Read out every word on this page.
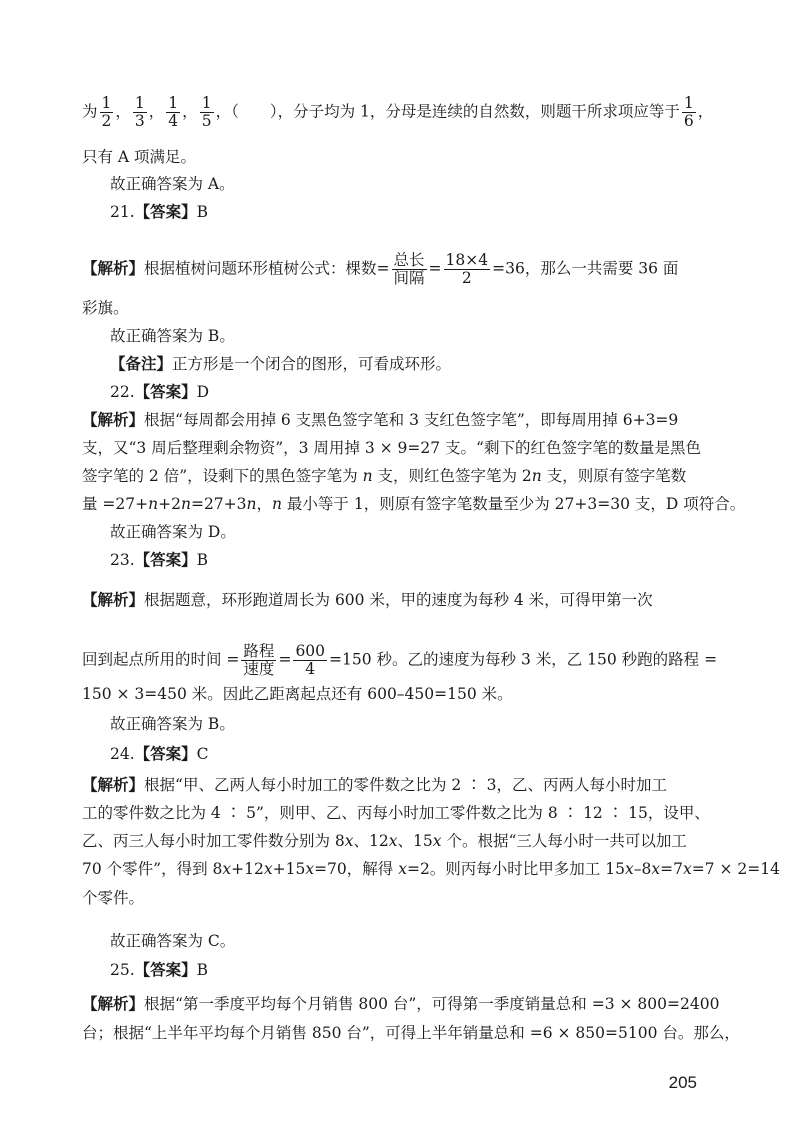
为 $\frac{1}{2}$ ， $\frac{1}{3}$ ， $\frac{1}{4}$ ， $\frac{1}{5}$ ，（　　），分子均为 1，分母是连续的自然数，则题干所求项应等于 $\frac{1}{6}$ ，
只有 A 项满足。
故正确答案为 A。
21.【答案】B
【解析】根据植树问题环形植树公式：棵数= $\frac{\text{总长}}{\text{间隔}} = \frac{18\times 4}{2} =36$，那么一共需要 36 面
彩旗。
故正确答案为 B。
【备注】正方形是一个闭合的图形，可看成环形。
22.【答案】D
【解析】根据“每周都会用掉 6 支黑色签字笔和 3 支红色签字笔”，即每周用掉 6+3=9
支，又“3 周后整理剩余物资”，3 周用掉 3 × 9=27 支。“剩下的红色签字笔的数量是黑色
签字笔的 2 倍”，设剩下的黑色签字笔为 n 支，则红色签字笔为 2n 支，则原有签字笔数
量 =27+n+2n=27+3n，n 最小等于 1，则原有签字笔数量至少为 27+3=30 支，D 项符合。
故正确答案为 D。
23.【答案】B
【解析】根据题意，环形跑道周长为 600 米，甲的速度为每秒 4 米，可得甲第一次
回到起点所用的时间 = $\frac{\text{路程}}{\text{速度}} = \frac{600}{4} =150$ 秒。乙的速度为每秒 3 米，乙 150 秒跑的路程 =
150 × 3=450 米。因此乙距离起点还有 600–450=150 米。
故正确答案为 B。
24.【答案】C
【解析】根据“甲、乙两人每小时加工的零件数之比为 2 ∶ 3，乙、丙两人每小时加工
工的零件数之比为 4 ∶ 5”，则甲、乙、丙每小时加工零件数之比为 8 ∶ 12 ∶ 15，设甲、
乙、丙三人每小时加工零件数分别为 8x、12x、15x 个。根据“三人每小时一共可以加工
70 个零件”，得到 8x+12x+15x=70，解得 x=2。则丙每小时比甲多加工 15x–8x=7x=7 × 2=14
个零件。
故正确答案为 C。
25.【答案】B
【解析】根据“第一季度平均每个月销售 800 台”，可得第一季度销量总和 =3 × 800=2400
台；根据“上半年平均每个月销售 850 台”，可得上半年销量总和 =6 × 850=5100 台。那么，
205
